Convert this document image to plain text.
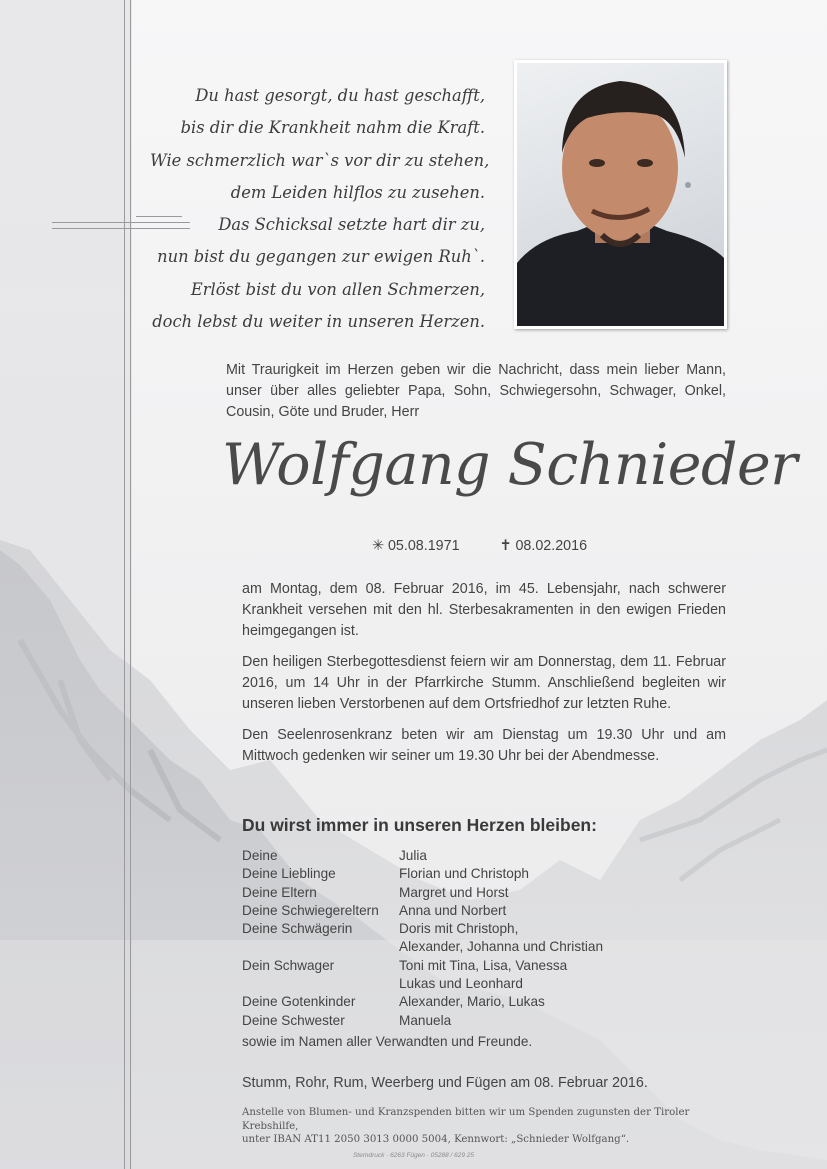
Du hast gesorgt, du hast geschafft,
bis dir die Krankheit nahm die Kraft.
Wie schmerzlich war`s vor dir zu stehen,
dem Leiden hilflos zu zusehen.
Das Schicksal setzte hart dir zu,
nun bist du gegangen zur ewigen Ruh`.
Erlöst bist du von allen Schmerzen,
doch lebst du weiter in unseren Herzen.
Mit Traurigkeit im Herzen geben wir die Nachricht, dass mein lieber Mann, unser über alles geliebter Papa, Sohn, Schwiegersohn, Schwager, Onkel, Cousin, Göte und Bruder, Herr
Wolfgang Schnieder
✳ 05.08.1971	✝ 08.02.2016

am Montag, dem 08. Februar 2016, im 45. Lebensjahr, nach schwerer Krankheit versehen mit den hl. Sterbesakramenten in den ewigen Frieden heimgegangen ist.

Den heiligen Sterbegottesdienst feiern wir am Donnerstag, dem 11. Februar 2016, um 14 Uhr in der Pfarrkirche Stumm. Anschließend begleiten wir unseren lieben Verstorbenen auf dem Ortsfriedhof zur letzten Ruhe.

Den Seelenrosenkranz beten wir am Dienstag um 19.30 Uhr und am Mittwoch gedenken wir seiner um 19.30 Uhr bei der Abendmesse.

Du wirst immer in unseren Herzen bleiben:
Deine	Julia
Deine Lieblinge	Florian und Christoph
Deine Eltern	Margret und Horst
Deine Schwiegereltern	Anna und Norbert
Deine Schwägerin	Doris mit Christoph,
Alexander, Johanna und Christian
Dein Schwager	Toni mit Tina, Lisa, Vanessa
Lukas und Leonhard
Deine Gotenkinder	Alexander, Mario, Lukas
Deine Schwester	Manuela
sowie im Namen aller Verwandten und Freunde.
Stumm, Rohr, Rum, Weerberg und Fügen am 08. Februar 2016.
Anstelle von Blumen- und Kranzspenden bitten wir um Spenden zugunsten der Tiroler Krebshilfe,
unter IBAN AT11 2050 3013 0000 5004, Kennwort: „Schnieder Wolfgang“.
Sterndruck · 6263 Fügen · 05288 / 629 25
